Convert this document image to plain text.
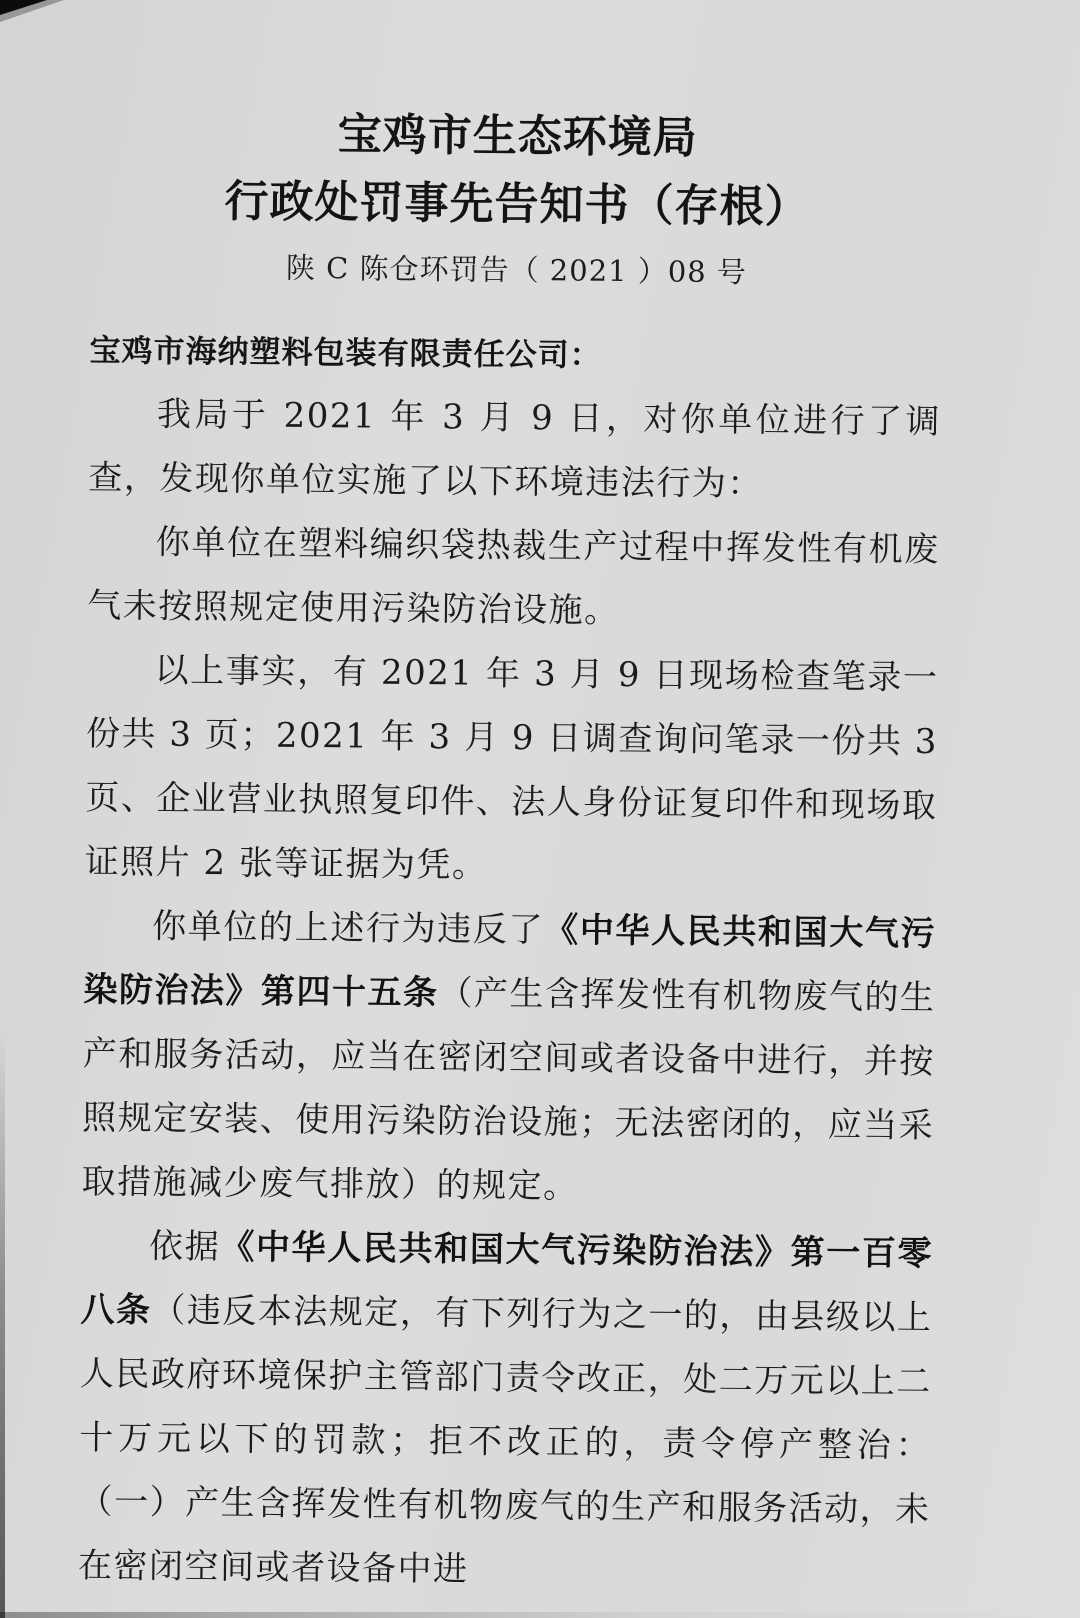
宝鸡市生态环境局
行政处罚事先告知书（存根）
陕 C 陈仓环罚告（ 2021 ）08 号
宝鸡市海纳塑料包装有限责任公司：

我局于 2021 年 3 月 9 日，对你单位进行了调查，发现你单位实施了以下环境违法行为：

你单位在塑料编织袋热裁生产过程中挥发性有机废气未按照规定使用污染防治设施。

以上事实，有 2021 年 3 月 9 日现场检查笔录一份共 3 页；2021 年 3 月 9 日调查询问笔录一份共 3 页、企业营业执照复印件、法人身份证复印件和现场取证照片 2 张等证据为凭。

你单位的上述行为违反了《中华人民共和国大气污染防治法》第四十五条（产生含挥发性有机物废气的生产和服务活动，应当在密闭空间或者设备中进行，并按照规定安装、使用污染防治设施；无法密闭的，应当采取措施减少废气排放）的规定。

依据《中华人民共和国大气污染防治法》第一百零八条（违反本法规定，有下列行为之一的，由县级以上人民政府环境保护主管部门责令改正，处二万元以上二十万元以下的罚款；拒不改正的，责令停产整治：（一）产生含挥发性有机物废气的生产和服务活动，未在密闭空间或者设备中进
